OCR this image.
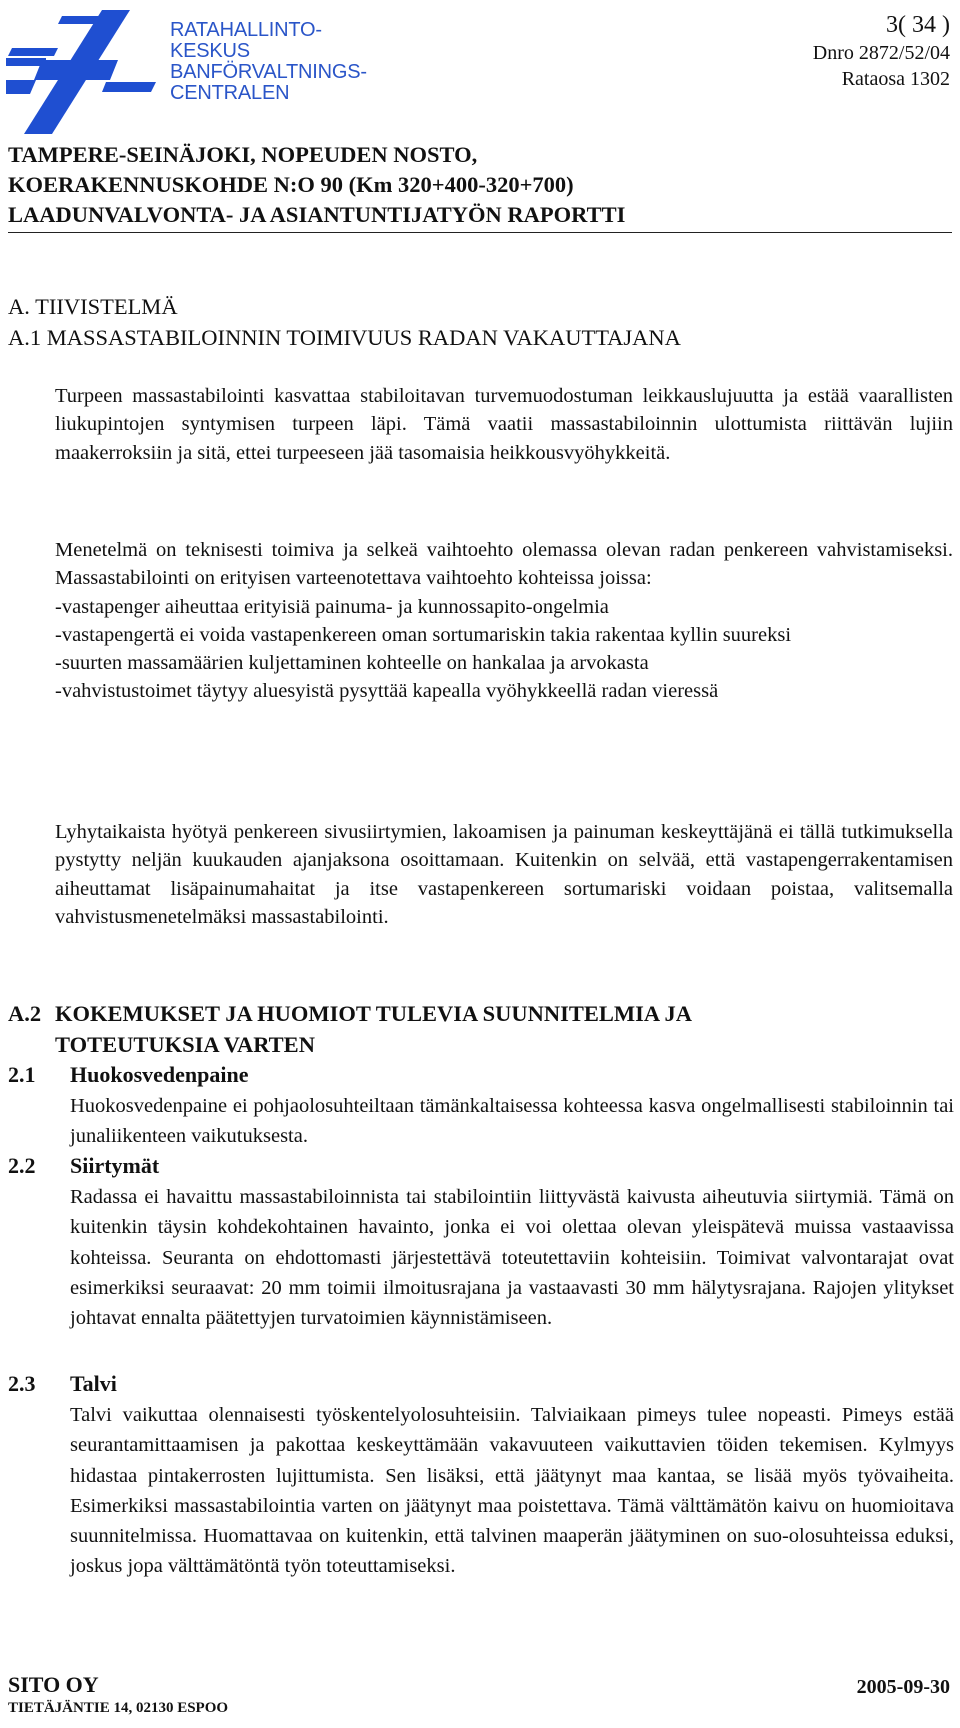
RATAHALLINTO-
KESKUS
BANFÖRVALTNINGS-
CENTRALEN
3( 34 )
Dnro 2872/52/04
Rataosa 1302
TAMPERE-SEINÄJOKI, NOPEUDEN NOSTO,
KOERAKENNUSKOHDE N:O 90 (Km 320+400-320+700)
LAADUNVALVONTA- JA ASIANTUNTIJATYÖN RAPORTTI
A. TIIVISTELMÄ
A.1 MASSASTABILOINNIN TOIMIVUUS RADAN VAKAUTTAJANA
Turpeen massastabilointi kasvattaa stabiloitavan turvemuodostuman leikkauslujuutta ja estää vaarallisten liukupintojen syntymisen turpeen läpi. Tämä vaatii massastabiloinnin ulottumista riittävän lujiin maakerroksiin ja sitä, ettei turpeeseen jää tasomaisia heikkousvyöhykkeitä.
Menetelmä on teknisesti toimiva ja selkeä vaihtoehto olemassa olevan radan penkereen vahvistamiseksi. Massastabilointi on erityisen varteenotettava vaihtoehto kohteissa joissa:
-vastapenger aiheuttaa erityisiä painuma- ja kunnossapito-ongelmia
-vastapengertä ei voida vastapenkereen oman sortumariskin takia rakentaa kyllin suureksi
-suurten massamäärien kuljettaminen kohteelle on hankalaa ja arvokasta
-vahvistustoimet täytyy aluesyistä pysyttää kapealla vyöhykkeellä radan vieressä
Lyhytaikaista hyötyä penkereen sivusiirtymien, lakoamisen ja painuman keskeyttäjänä ei tällä tutkimuksella pystytty neljän kuukauden ajanjaksona osoittamaan. Kuitenkin on selvää, että vastapengerrakentamisen aiheuttamat lisäpainumahaitat ja itse vastapenkereen sortumariski voidaan poistaa, valitsemalla vahvistusmenetelmäksi massastabilointi.
A.2 KOKEMUKSET JA HUOMIOT TULEVIA SUUNNITELMIA JA
TOTEUTUKSIA VARTEN
2.1 Huokosvedenpaine
Huokosvedenpaine ei pohjaolosuhteiltaan tämänkaltaisessa kohteessa kasva ongelmallisesti stabiloinnin tai junaliikenteen vaikutuksesta.
2.2 Siirtymät
Radassa ei havaittu massastabiloinnista tai stabilointiin liittyvästä kaivusta aiheutuvia siirtymiä. Tämä on kuitenkin täysin kohdekohtainen havainto, jonka ei voi olettaa olevan yleispätevä muissa vastaavissa kohteissa. Seuranta on ehdottomasti järjestettävä toteutettaviin kohteisiin. Toimivat valvontarajat ovat esimerkiksi seuraavat: 20 mm toimii ilmoitusrajana ja vastaavasti 30 mm hälytysrajana. Rajojen ylitykset johtavat ennalta päätettyjen turvatoimien käynnistämiseen.
2.3 Talvi
Talvi vaikuttaa olennaisesti työskentelyolosuhteisiin. Talviaikaan pimeys tulee nopeasti. Pimeys estää seurantamittaamisen ja pakottaa keskeyttämään vakavuuteen vaikuttavien töiden tekemisen. Kylmyys hidastaa pintakerrosten lujittumista. Sen lisäksi, että jäätynyt maa kantaa, se lisää myös työvaiheita. Esimerkiksi massastabilointia varten on jäätynyt maa poistettava. Tämä välttämätön kaivu on huomioitava suunnitelmissa. Huomattavaa on kuitenkin, että talvinen maaperän jäätyminen on suo-olosuhteissa eduksi, joskus jopa välttämätöntä työn toteuttamiseksi.
SITO OY
TIETÄJÄNTIE 14, 02130 ESPOO
2005-09-30
